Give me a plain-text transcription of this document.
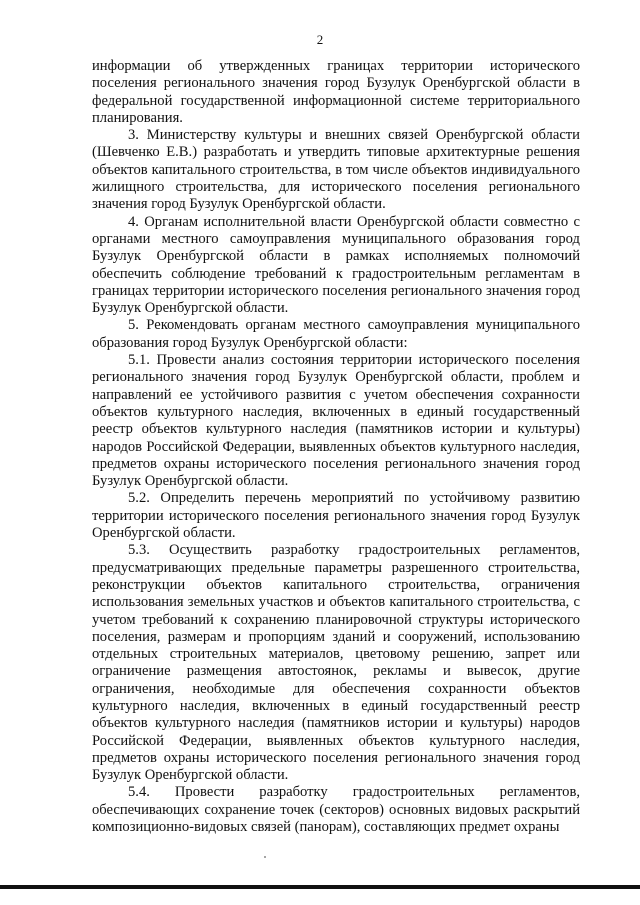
2

информации об утвержденных границах территории исторического поселения регионального значения город Бузулук Оренбургской области в федеральной государственной информационной системе территориального планирования.

3. Министерству культуры и внешних связей Оренбургской области (Шевченко Е.В.) разработать и утвердить типовые архитектурные решения объектов капитального строительства, в том числе объектов индивидуального жилищного строительства, для исторического поселения регионального значения город Бузулук Оренбургской области.

4. Органам исполнительной власти Оренбургской области совместно с органами местного самоуправления муниципального образования город Бузулук Оренбургской области в рамках исполняемых полномочий обеспечить соблюдение требований к градостроительным регламентам в границах территории исторического поселения регионального значения город Бузулук Оренбургской области.

5. Рекомендовать органам местного самоуправления муниципального образования город Бузулук Оренбургской области:

5.1. Провести анализ состояния территории исторического поселения регионального значения город Бузулук Оренбургской области, проблем и направлений ее устойчивого развития с учетом обеспечения сохранности объектов культурного наследия, включенных в единый государственный реестр объектов культурного наследия (памятников истории и культуры) народов Российской Федерации, выявленных объектов культурного наследия, предметов охраны исторического поселения регионального значения город Бузулук Оренбургской области.

5.2. Определить перечень мероприятий по устойчивому развитию территории исторического поселения регионального значения город Бузулук Оренбургской области.

5.3. Осуществить разработку градостроительных регламентов, предусматривающих предельные параметры разрешенного строительства, реконструкции объектов капитального строительства, ограничения использования земельных участков и объектов капитального строительства, с учетом требований к сохранению планировочной структуры исторического поселения, размерам и пропорциям зданий и сооружений, использованию отдельных строительных материалов, цветовому решению, запрет или ограничение размещения автостоянок, рекламы и вывесок, другие ограничения, необходимые для обеспечения сохранности объектов культурного наследия, включенных в единый государственный реестр объектов культурного наследия (памятников истории и культуры) народов Российской Федерации, выявленных объектов культурного наследия, предметов охраны исторического поселения регионального значения город Бузулук Оренбургской области.

5.4. Провести разработку градостроительных регламентов, обеспечивающих сохранение точек (секторов) основных видовых раскрытий композиционно-видовых связей (панорам), составляющих предмет охраны
